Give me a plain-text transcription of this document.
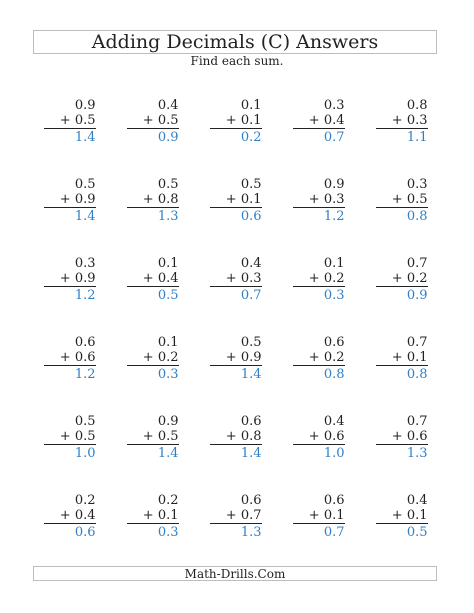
Adding Decimals (C) Answers
Find each sum.
0.9
+ 0.5
1.4
0.4
+ 0.5
0.9
0.1
+ 0.1
0.2
0.3
+ 0.4
0.7
0.8
+ 0.3
1.1
0.5
+ 0.9
1.4
0.5
+ 0.8
1.3
0.5
+ 0.1
0.6
0.9
+ 0.3
1.2
0.3
+ 0.5
0.8
0.3
+ 0.9
1.2
0.1
+ 0.4
0.5
0.4
+ 0.3
0.7
0.1
+ 0.2
0.3
0.7
+ 0.2
0.9
0.6
+ 0.6
1.2
0.1
+ 0.2
0.3
0.5
+ 0.9
1.4
0.6
+ 0.2
0.8
0.7
+ 0.1
0.8
0.5
+ 0.5
1.0
0.9
+ 0.5
1.4
0.6
+ 0.8
1.4
0.4
+ 0.6
1.0
0.7
+ 0.6
1.3
0.2
+ 0.4
0.6
0.2
+ 0.1
0.3
0.6
+ 0.7
1.3
0.6
+ 0.1
0.7
0.4
+ 0.1
0.5
Math-Drills.Com
